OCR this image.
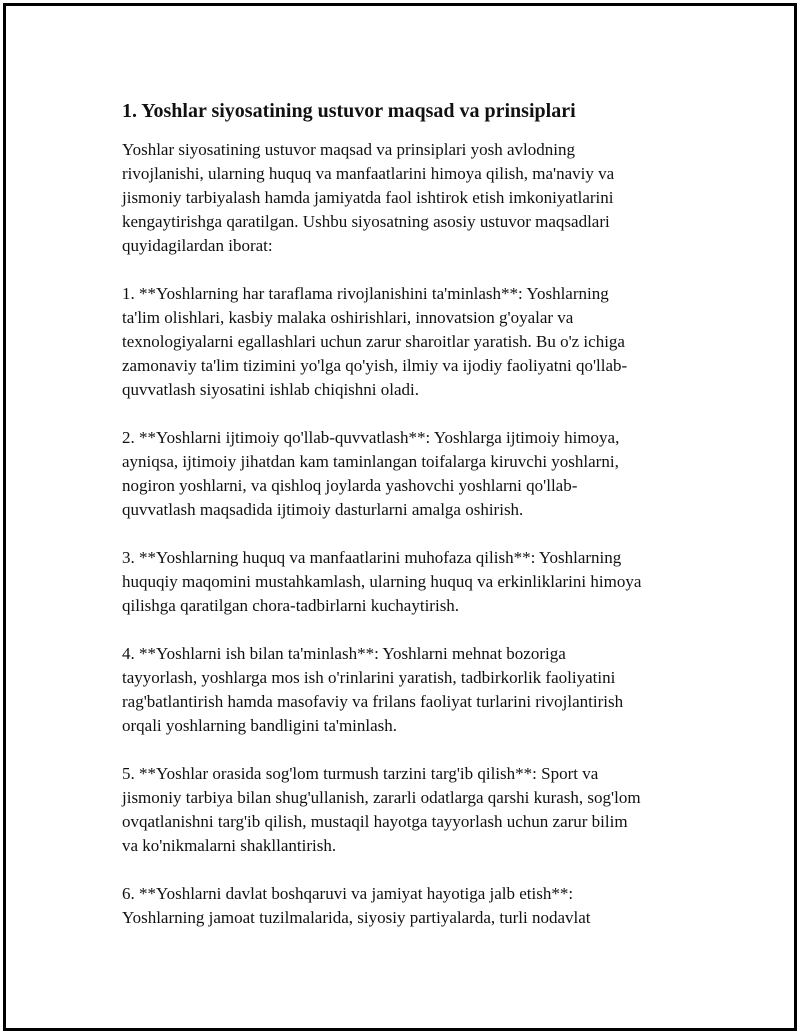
1. Yoshlar siyosatining ustuvor maqsad va prinsiplari
Yoshlar siyosatining ustuvor maqsad va prinsiplari yosh avlodning
rivojlanishi, ularning huquq va manfaatlarini himoya qilish, ma'naviy va
jismoniy tarbiyalash hamda jamiyatda faol ishtirok etish imkoniyatlarini
kengaytirishga qaratilgan. Ushbu siyosatning asosiy ustuvor maqsadlari
quyidagilardan iborat:
1. **Yoshlarning har taraflama rivojlanishini ta'minlash**: Yoshlarning
ta'lim olishlari, kasbiy malaka oshirishlari, innovatsion g'oyalar va
texnologiyalarni egallashlari uchun zarur sharoitlar yaratish. Bu o'z ichiga
zamonaviy ta'lim tizimini yo'lga qo'yish, ilmiy va ijodiy faoliyatni qo'llab-
quvvatlash siyosatini ishlab chiqishni oladi.
2. **Yoshlarni ijtimoiy qo'llab-quvvatlash**: Yoshlarga ijtimoiy himoya,
ayniqsa, ijtimoiy jihatdan kam taminlangan toifalarga kiruvchi yoshlarni,
nogiron yoshlarni, va qishloq joylarda yashovchi yoshlarni qo'llab-
quvvatlash maqsadida ijtimoiy dasturlarni amalga oshirish.
3. **Yoshlarning huquq va manfaatlarini muhofaza qilish**: Yoshlarning
huquqiy maqomini mustahkamlash, ularning huquq va erkinliklarini himoya
qilishga qaratilgan chora-tadbirlarni kuchaytirish.
4. **Yoshlarni ish bilan ta'minlash**: Yoshlarni mehnat bozoriga
tayyorlash, yoshlarga mos ish o'rinlarini yaratish, tadbirkorlik faoliyatini
rag'batlantirish hamda masofaviy va frilans faoliyat turlarini rivojlantirish
orqali yoshlarning bandligini ta'minlash.
5. **Yoshlar orasida sog'lom turmush tarzini targ'ib qilish**: Sport va
jismoniy tarbiya bilan shug'ullanish, zararli odatlarga qarshi kurash, sog'lom
ovqatlanishni targ'ib qilish, mustaqil hayotga tayyorlash uchun zarur bilim
va ko'nikmalarni shakllantirish.
6. **Yoshlarni davlat boshqaruvi va jamiyat hayotiga jalb etish**:
Yoshlarning jamoat tuzilmalarida, siyosiy partiyalarda, turli nodavlat
